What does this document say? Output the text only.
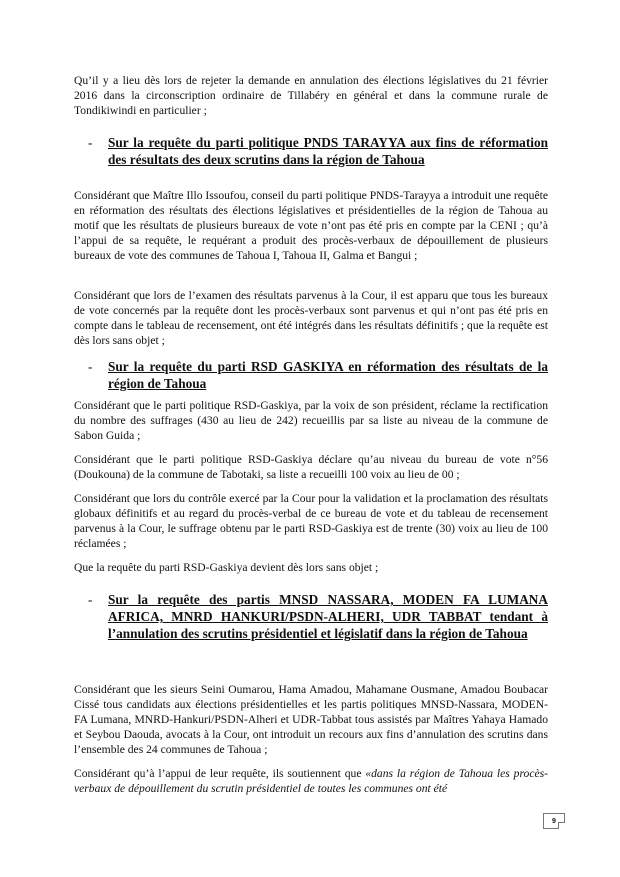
Qu’il y a lieu dès lors de rejeter la demande en annulation des élections législatives du 21 février 2016 dans la circonscription ordinaire de Tillabéry en général et dans la commune rurale de Tondikiwindi en particulier ;

- Sur la requête du parti politique PNDS TARAYYA aux fins de réformation des résultats des deux scrutins dans la région de Tahoua

Considérant que Maître Illo Issoufou, conseil du parti politique PNDS-Tarayya a introduit une requête en réformation des résultats des élections législatives et présidentielles de la région de Tahoua au motif que les résultats de plusieurs bureaux de vote n’ont pas été pris en compte par la CENI ; qu’à l’appui de sa requête, le requérant a produit des procès-verbaux de dépouillement de plusieurs bureaux de vote des communes de Tahoua I, Tahoua II, Galma et Bangui ;

Considérant que lors de l’examen des résultats parvenus à la Cour, il est apparu que tous les bureaux de vote concernés par la requête dont les procès-verbaux sont parvenus et qui n’ont pas été pris en compte dans le tableau de recensement, ont été intégrés dans les résultats définitifs ; que la requête est dès lors sans objet ;

- Sur la requête du parti RSD GASKIYA en réformation des résultats de la région de Tahoua

Considérant que le parti politique RSD-Gaskiya, par la voix de son président, réclame la rectification du nombre des suffrages (430 au lieu de 242) recueillis par sa liste au niveau de la commune de Sabon Guida ;

Considérant que le parti politique RSD-Gaskiya déclare qu’au niveau du bureau de vote n°56 (Doukouna) de la commune de Tabotaki, sa liste a recueilli 100 voix au lieu de 00 ;

Considérant que lors du contrôle exercé par la Cour pour la validation et la proclamation des résultats globaux définitifs et au regard du procès-verbal de ce bureau de vote et du tableau de recensement parvenus à la Cour, le suffrage obtenu par le parti RSD-Gaskiya est de trente (30) voix au lieu de 100 réclamées ;

Que la requête du parti RSD-Gaskiya devient dès lors sans objet ;

- Sur la requête des partis MNSD NASSARA, MODEN FA LUMANA AFRICA, MNRD HANKURI/PSDN-ALHERI, UDR TABBAT tendant à l’annulation des scrutins présidentiel et législatif dans la région de Tahoua

Considérant que les sieurs Seini Oumarou, Hama Amadou, Mahamane Ousmane, Amadou Boubacar Cissé tous candidats aux élections présidentielles et les partis politiques MNSD-Nassara, MODEN-FA Lumana, MNRD-Hankuri/PSDN-Alheri et UDR-Tabbat tous assistés par Maîtres Yahaya Hamado et Seybou Daouda, avocats à la Cour, ont introduit un recours aux fins d’annulation des scrutins dans l’ensemble des 24 communes de Tahoua ;

Considérant qu’à l’appui de leur requête, ils soutiennent que «dans la région de Tahoua les procès-verbaux de dépouillement du scrutin présidentiel de toutes les communes ont été

9
